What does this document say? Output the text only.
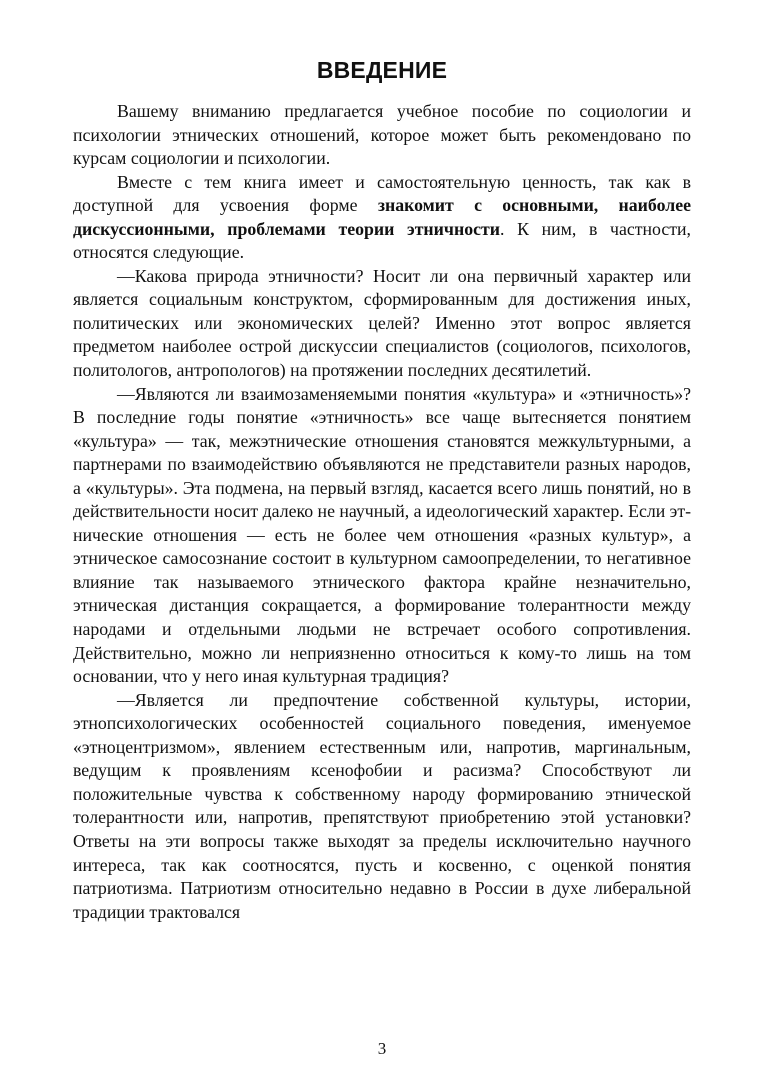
ВВЕДЕНИЕ

Вашему вниманию предлагается учебное пособие по социологии и психологии этнических отношений, которое может быть рекомендовано по курсам социологии и психологии.

Вместе с тем книга имеет и самостоятельную ценность, так как в доступной для усвоения форме знакомит с основными, наиболее дискуссионными, проблемами теории этничности. К ним, в частности, относятся следующие.

—Какова природа этничности? Носит ли она первичный характер или является социальным конструктом, сформированным для достижения иных, политических или экономических целей? Именно этот вопрос является предметом наиболее острой дискуссии специалистов (социологов, психологов, политологов, антропологов) на протяжении последних десятилетий.

—Являются ли взаимозаменяемыми понятия «культура» и «этничность»? В последние годы понятие «этничность» все чаще вытесняется понятием «культура» — так, межэтнические отношения становятся межкультурными, а партнерами по взаимодействию объявляются не представители разных народов, а «культуры». Эта подмена, на первый взгляд, касается всего лишь понятий, но в действительности носит далеко не научный, а идеологический характер. Если этнические отношения — есть не более чем отношения «разных культур», а этническое самосознание состоит в культурном самоопределении, то негативное влияние так называемого этнического фактора крайне незначительно, этническая дистанция сокращается, а формирование толерантности между народами и отдельными людьми не встречает особого сопротивления. Действительно, можно ли неприязненно относиться к кому-то лишь на том основании, что у него иная культурная традиция?

—Является ли предпочтение собственной культуры, истории, этнопсихологических особенностей социального поведения, именуемое «этноцентризмом», явлением естественным или, напротив, маргинальным, ведущим к проявлениям ксенофобии и расизма? Способствуют ли положительные чувства к собственному народу формированию этнической толерантности или, напротив, препятствуют приобретению этой установки? Ответы на эти вопросы также выходят за пределы исключительно научного интереса, так как соотносятся, пусть и косвенно, с оценкой понятия патриотизма. Патриотизм относительно недавно в России в духе либеральной традиции трактовался

3
